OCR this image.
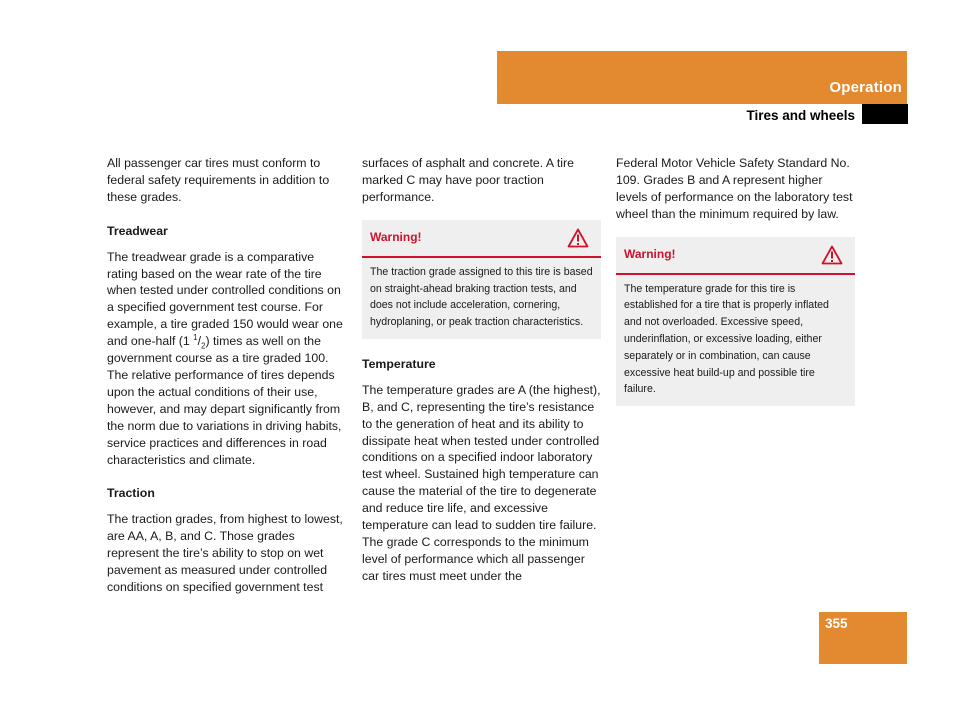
Operation
Tires and wheels

All passenger car tires must conform to federal safety requirements in addition to these grades.

Treadwear

The treadwear grade is a comparative rating based on the wear rate of the tire when tested under controlled conditions on a specified government test course. For example, a tire graded 150 would wear one and one-half (1 $^1/_2$) times as well on the government course as a tire graded 100. The relative performance of tires depends upon the actual conditions of their use, however, and may depart significantly from the norm due to variations in driving habits, service practices and differences in road characteristics and climate.

Traction

The traction grades, from highest to lowest, are AA, A, B, and C. Those grades represent the tire’s ability to stop on wet pavement as measured under controlled conditions on specified government test

surfaces of asphalt and concrete. A tire marked C may have poor traction performance.

Warning!
The traction grade assigned to this tire is based on straight-ahead braking traction tests, and does not include acceleration, cornering, hydroplaning, or peak traction characteristics.
Temperature

The temperature grades are A (the highest), B, and C, representing the tire’s resistance to the generation of heat and its ability to dissipate heat when tested under controlled conditions on a specified indoor laboratory test wheel. Sustained high temperature can cause the material of the tire to degenerate and reduce tire life, and excessive temperature can lead to sudden tire failure. The grade C corresponds to the minimum level of performance which all passenger car tires must meet under the

Federal Motor Vehicle Safety Standard No. 109. Grades B and A represent higher levels of performance on the laboratory test wheel than the minimum required by law.

Warning!
The temperature grade for this tire is established for a tire that is properly inflated and not overloaded. Excessive speed, underinflation, or excessive loading, either separately or in combination, can cause excessive heat build-up and possible tire failure.
355
